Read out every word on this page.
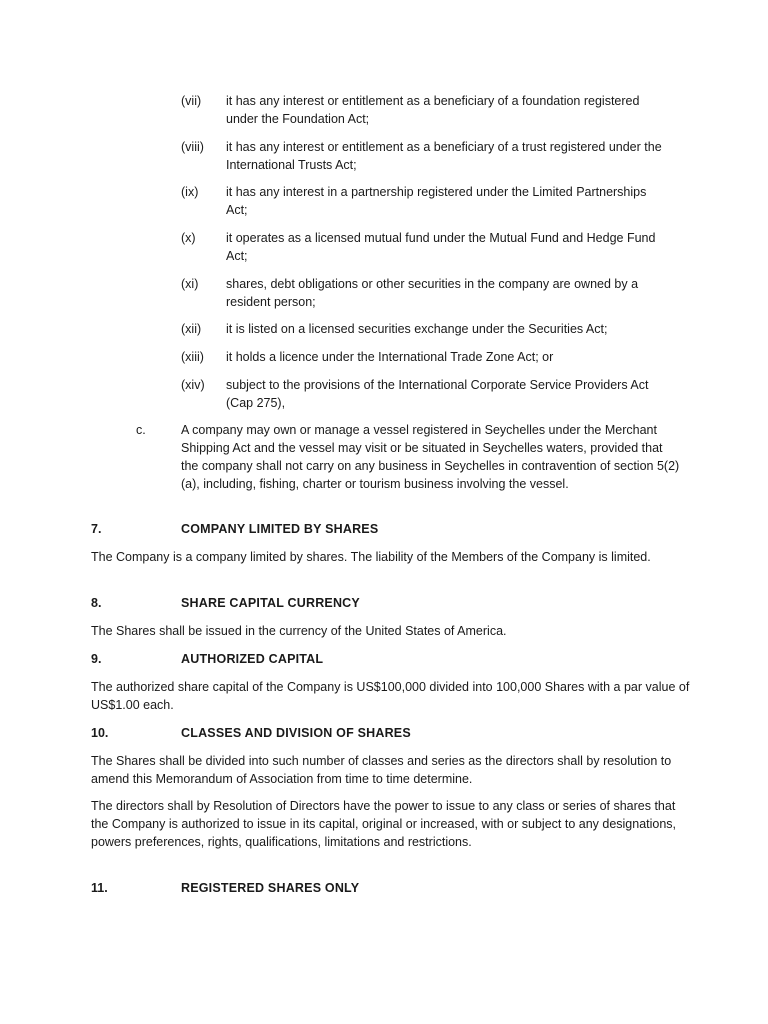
(vii)	it has any interest or entitlement as a beneficiary of a foundation registered under the Foundation Act;
(viii)	it has any interest or entitlement as a beneficiary of a trust registered under the International Trusts Act;
(ix)	it has any interest in a partnership registered under the Limited Partnerships Act;
(x)	it operates as a licensed mutual fund under the Mutual Fund and Hedge Fund Act;
(xi)	shares, debt obligations or other securities in the company are owned by a resident person;
(xii)	it is listed on a licensed securities exchange under the Securities Act;
(xiii)	it holds a licence under the International Trade Zone Act; or
(xiv)	subject to the provisions of the International Corporate Service Providers Act (Cap 275),
c.	A company may own or manage a vessel registered in Seychelles under the Merchant Shipping Act and the vessel may visit or be situated in Seychelles waters, provided that the company shall not carry on any business in Seychelles in contravention of section 5(2)(a), including, fishing, charter or tourism business involving the vessel.
7.	COMPANY LIMITED BY SHARES
The Company is a company limited by shares. The liability of the Members of the Company is limited.
8.	SHARE CAPITAL CURRENCY
The Shares shall be issued in the currency of the United States of America.
9.	AUTHORIZED CAPITAL
The authorized share capital of the Company is US$100,000 divided into 100,000 Shares with a par value of US$1.00 each.
10.	CLASSES AND DIVISION OF SHARES
The Shares shall be divided into such number of classes and series as the directors shall by resolution to amend this Memorandum of Association from time to time determine.
The directors shall by Resolution of Directors have the power to issue to any class or series of shares that the Company is authorized to issue in its capital, original or increased, with or subject to any designations, powers preferences, rights, qualifications, limitations and restrictions.
11.	REGISTERED SHARES ONLY
